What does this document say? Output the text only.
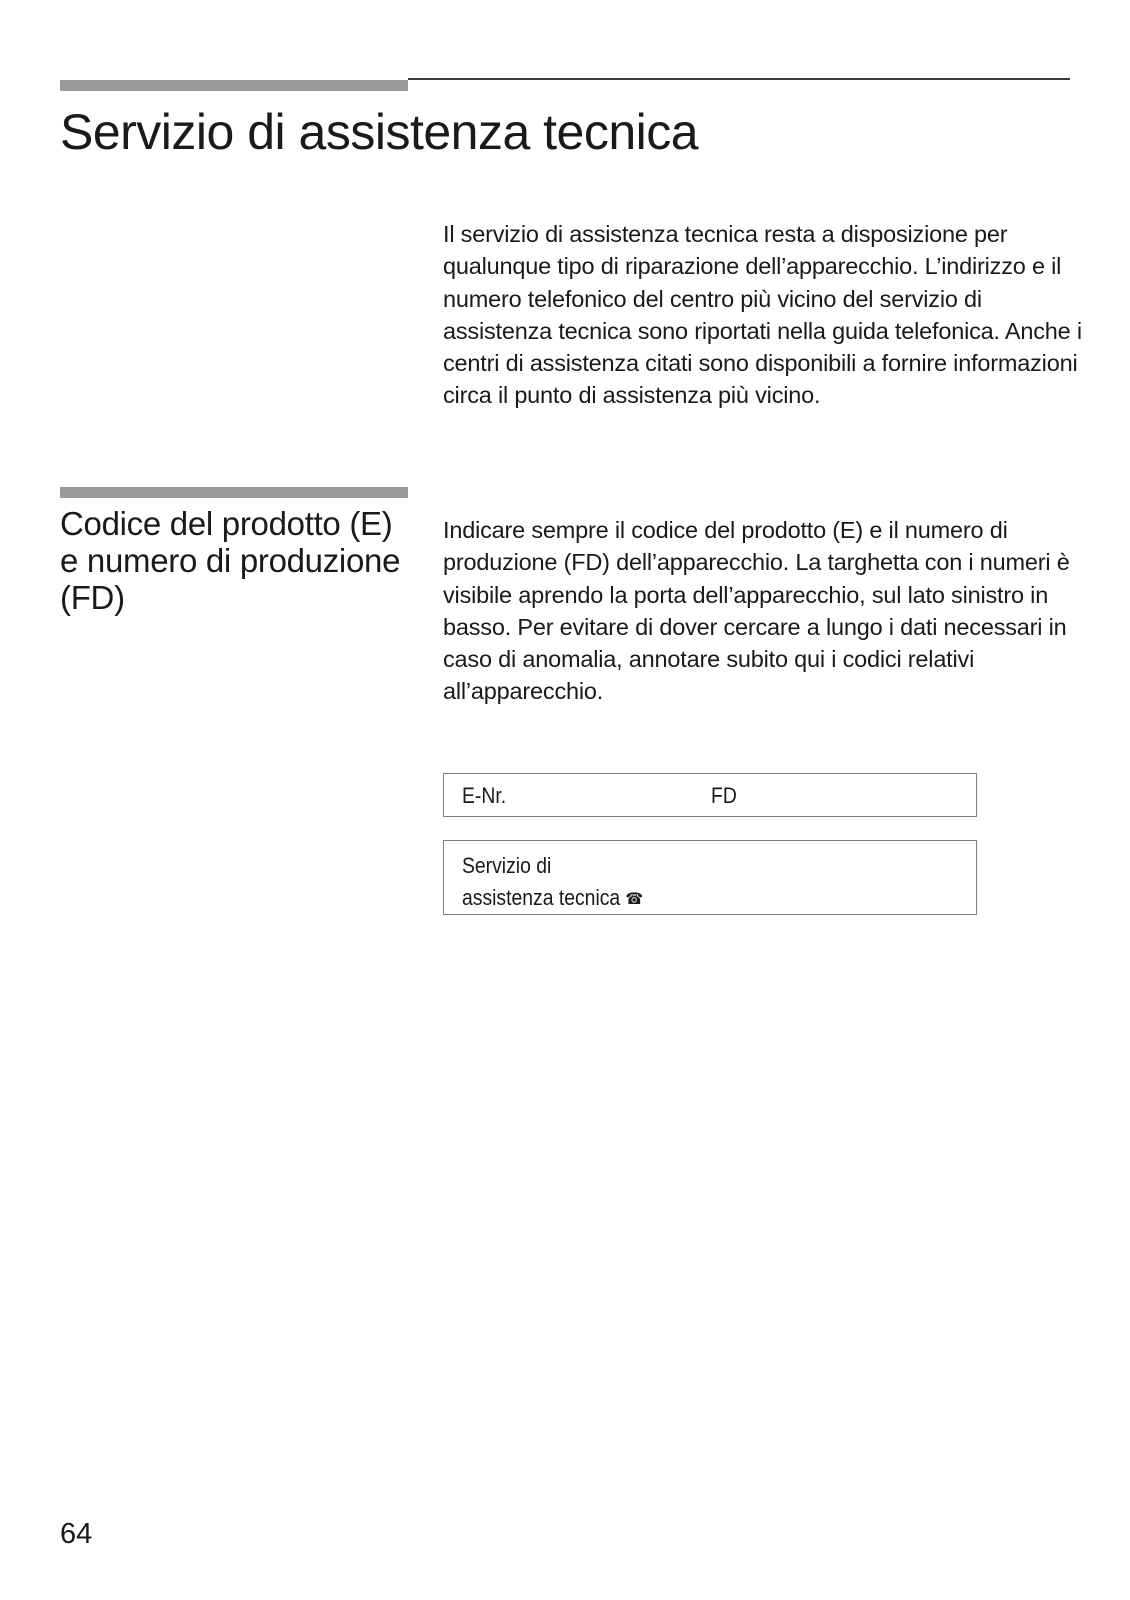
Servizio di assistenza tecnica

Il servizio di assistenza tecnica resta a disposizione per qualunque tipo di riparazione dell’apparecchio. L’indirizzo e il numero telefonico del centro più vicino del servizio di assistenza tecnica sono riportati nella guida telefonica. Anche i centri di assistenza citati sono disponibili a fornire informazioni circa il punto di assistenza più vicino.

Codice del prodotto (E) e numero di produzione (FD)

Indicare sempre il codice del prodotto (E) e il numero di produzione (FD) dell’apparecchio. La targhetta con i numeri è visibile aprendo la porta dell’apparecchio, sul lato sinistro in basso. Per evitare di dover cercare a lungo i dati necessari in caso di anomalia, annotare subito qui i codici relativi all’apparecchio.

E-Nr.	FD
Servizio di
assistenza tecnica ☎
64
